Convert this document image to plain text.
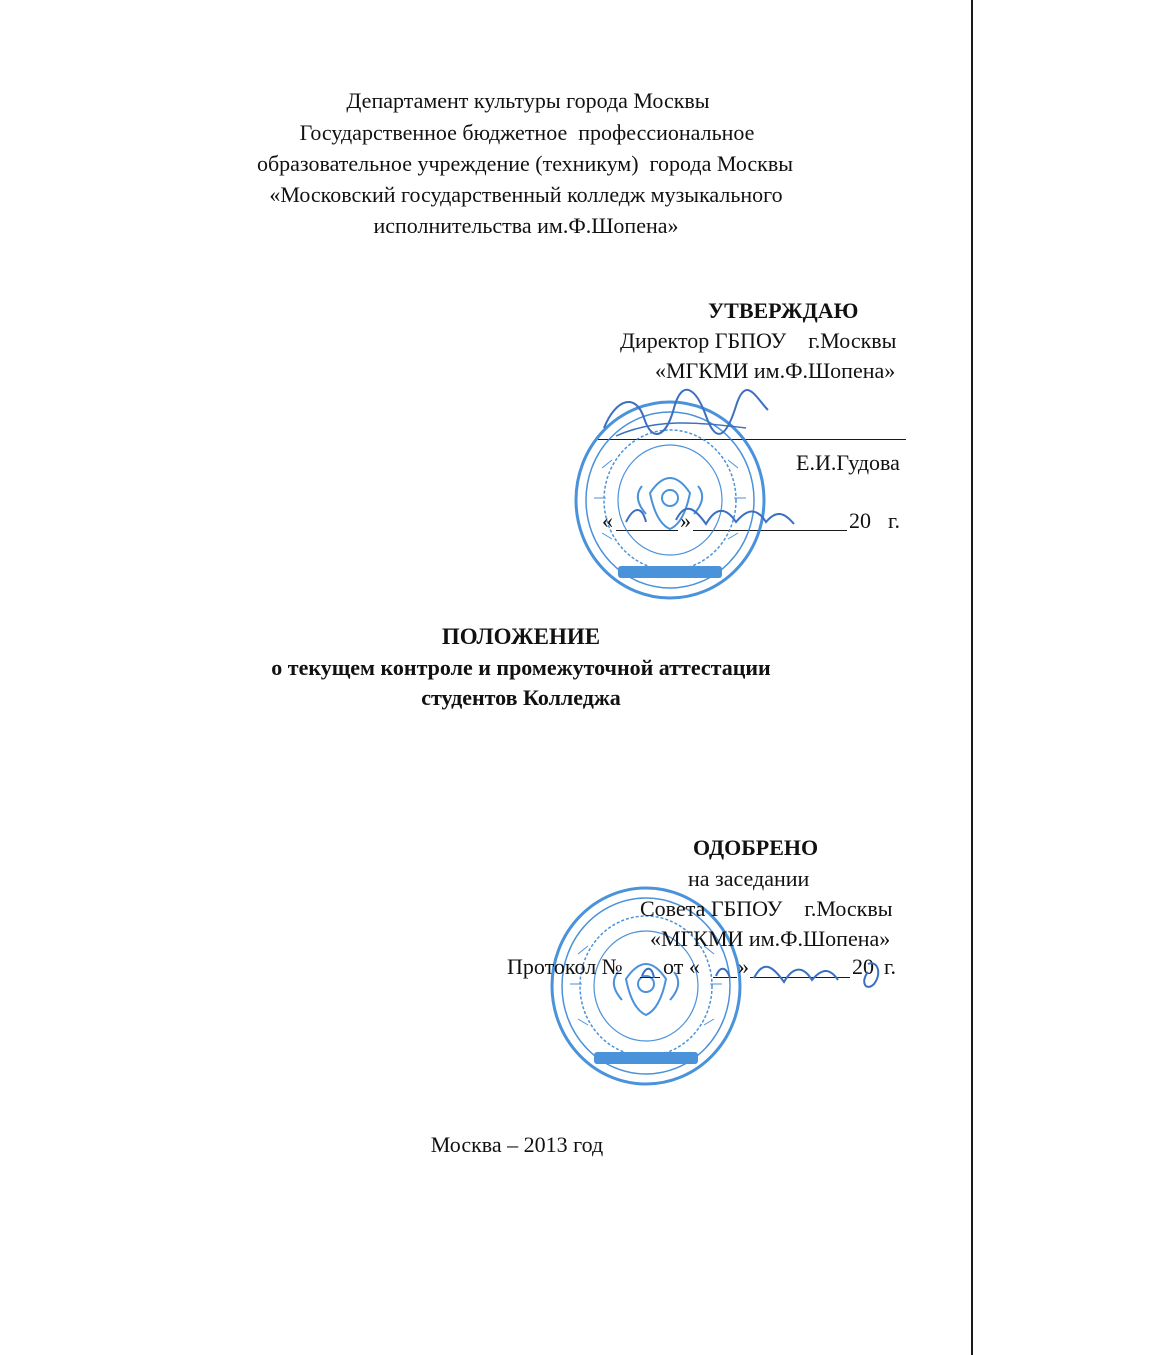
Департамент культуры города Москвы
Государственное бюджетное  профессиональное
образовательное учреждение (техникум)  города Москвы
«Московский государственный колледж музыкального
исполнительства им.Ф.Шопена»
УТВЕРЖДАЮ
Директор ГБПОУ    г.Москвы
«МГКМИ им.Ф.Шопена»
Е.И.Гудова
«	»	20 г.
ПОЛОЖЕНИЕ
о текущем контроле и промежуточной аттестации
студентов Колледжа
ОДОБРЕНО
на заседании
Совета ГБПОУ    г.Москвы
«МГКМИ им.Ф.Шопена»
Протокол № от « »	20 г.
Москва – 2013 год
